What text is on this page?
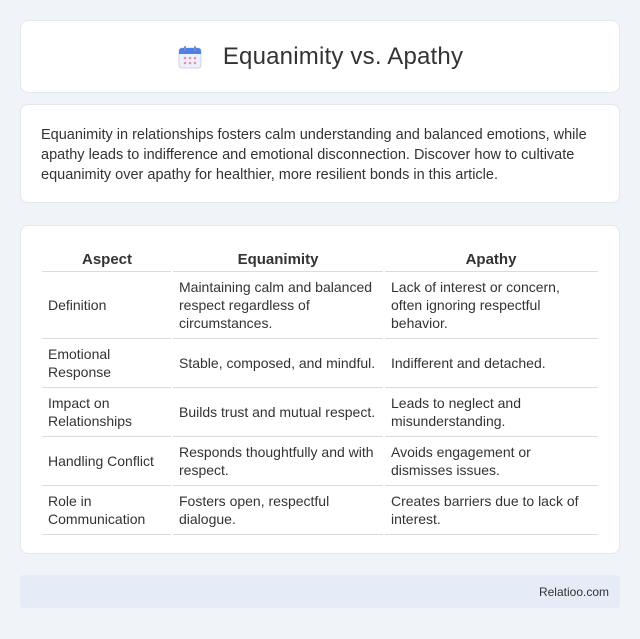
Equanimity vs. Apathy

Equanimity in relationships fosters calm understanding and balanced emotions, while apathy leads to indifference and emotional disconnection. Discover how to cultivate equanimity over apathy for healthier, more resilient bonds in this article.

Aspect	Equanimity	Apathy
Definition	Maintaining calm and balanced respect regardless of circumstances.	Lack of interest or concern, often ignoring respectful behavior.
Emotional Response	Stable, composed, and mindful.	Indifferent and detached.
Impact on Relationships	Builds trust and mutual respect.	Leads to neglect and misunderstanding.
Handling Conflict	Responds thoughtfully and with respect.	Avoids engagement or dismisses issues.
Role in Communication	Fosters open, respectful dialogue.	Creates barriers due to lack of interest.
Relatioo.com
